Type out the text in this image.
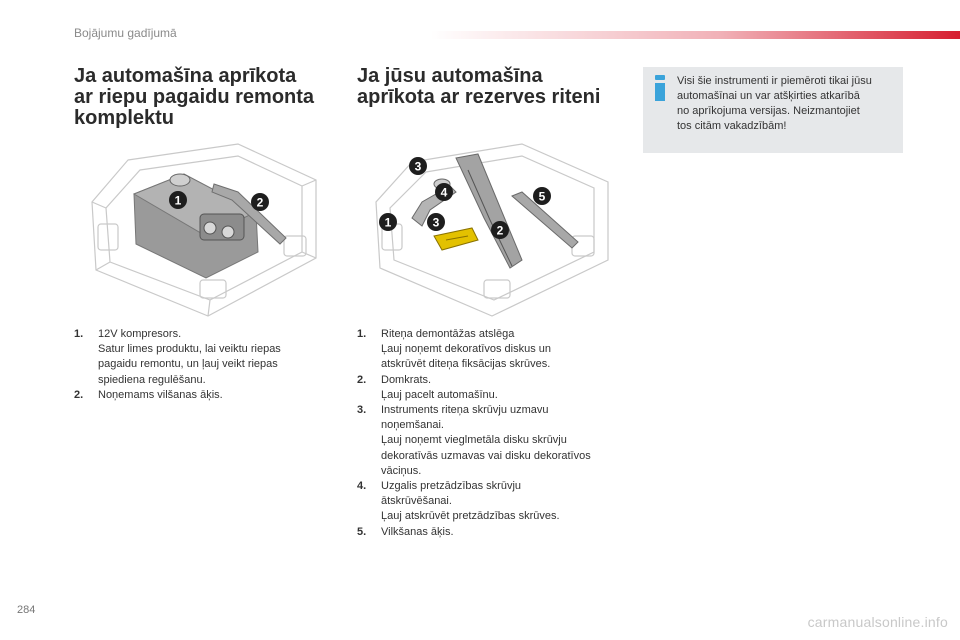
Bojājumu gadījumā
Ja automašīna aprīkota
ar riepu pagaidu remonta
komplektu
Ja jūsu automašīna
aprīkota ar rezerves riteni
Visi šie instrumenti ir piemēroti tikai jūsu
automašīnai un var atšķirties atkarībā
no aprīkojuma versijas. Neizmantojiet
tos citām vakadzībām!
1	2
3
4
1	3
2
5
1. 12V kompresors.
Satur limes produktu, lai veiktu riepas
pagaidu remontu, un ļauj veikt riepas
spiediena regulēšanu.
2. Noņemams vilšanas āķis.
1. Riteņa demontāžas atslēga
Ļauj noņemt dekoratīvos diskus un
atskrūvēt diteņa fiksācijas skrūves.
2. Domkrats.
Ļauj pacelt automašīnu.
3. Instruments riteņa skrūvju uzmavu
noņemšanai.
Ļauj noņemt vieglmetāla disku skrūvju
dekoratīvās uzmavas vai disku dekoratīvos
vāciņus.
4. Uzgalis pretzādzības skrūvju
ātskrūvēšanai.
Ļauj atskrūvēt pretzādzības skrūves.
5. Vilkšanas āķis.
284
carmanualsonline.info
